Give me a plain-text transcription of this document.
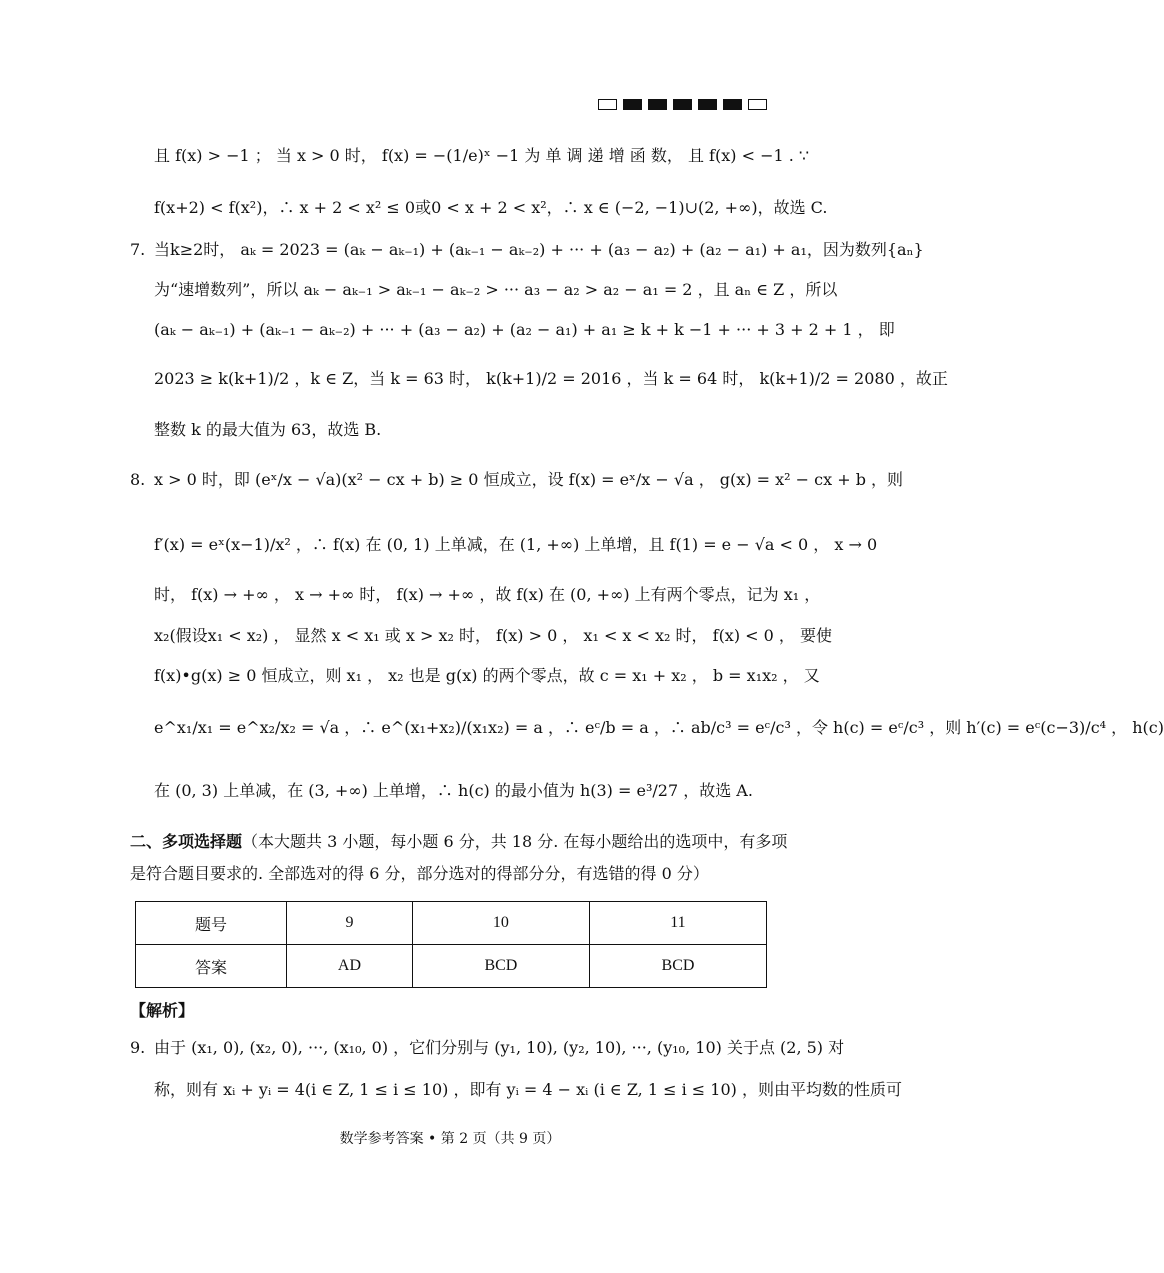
且 f(x) > −1 ； 当 x > 0 时， f(x) = −(1/e)ˣ −1 为 单 调 递 增 函 数， 且 f(x) < −1 . ∵
f(x+2) < f(x²)，∴ x + 2 < x² ≤ 0或0 < x + 2 < x²，∴ x ∈ (−2, −1)∪(2, +∞)，故选 C.
7. 当k≥2时， aₖ = 2023 = (aₖ − aₖ₋₁) + (aₖ₋₁ − aₖ₋₂) + ··· + (a₃ − a₂) + (a₂ − a₁) + a₁，因为数列{aₙ}
为“速增数列”，所以 aₖ − aₖ₋₁ > aₖ₋₁ − aₖ₋₂ > ··· a₃ − a₂ > a₂ − a₁ = 2 ，且 aₙ ∈ Z ，所以
(aₖ − aₖ₋₁) + (aₖ₋₁ − aₖ₋₂) + ··· + (a₃ − a₂) + (a₂ − a₁) + a₁ ≥ k + k −1 + ··· + 3 + 2 + 1 ， 即
2023 ≥ k(k+1)/2 ，k ∈ Z，当 k = 63 时， k(k+1)/2 = 2016 ，当 k = 64 时， k(k+1)/2 = 2080 ，故正
整数 k 的最大值为 63，故选 B.
8. x > 0 时，即 (eˣ/x − √a)(x² − cx + b) ≥ 0 恒成立，设 f(x) = eˣ/x − √a ， g(x) = x² − cx + b ，则
f′(x) = eˣ(x−1)/x² ，∴ f(x) 在 (0, 1) 上单减，在 (1, +∞) 上单增，且 f(1) = e − √a < 0 ， x → 0
时， f(x) → +∞ ， x → +∞ 时， f(x) → +∞ ，故 f(x) 在 (0, +∞) 上有两个零点，记为 x₁ ，
x₂(假设x₁ < x₂) ， 显然 x < x₁ 或 x > x₂ 时， f(x) > 0 ， x₁ < x < x₂ 时， f(x) < 0 ， 要使
f(x)•g(x) ≥ 0 恒成立，则 x₁ ， x₂ 也是 g(x) 的两个零点，故 c = x₁ + x₂ ， b = x₁x₂ ， 又
e^x₁/x₁ = e^x₂/x₂ = √a ，∴ e^(x₁+x₂)/(x₁x₂) = a ，∴ eᶜ/b = a ，∴ ab/c³ = eᶜ/c³ ，令 h(c) = eᶜ/c³ ，则 h′(c) = eᶜ(c−3)/c⁴ ， h(c)
在 (0, 3) 上单减，在 (3, +∞) 上单增，∴ h(c) 的最小值为 h(3) = e³/27 ，故选 A.
二、多项选择题（本大题共 3 小题，每小题 6 分，共 18 分. 在每小题给出的选项中，有多项
是符合题目要求的. 全部选对的得 6 分，部分选对的得部分分，有选错的得 0 分）
题号	9	10	11
答案	AD	BCD	BCD
【解析】
9. 由于 (x₁, 0), (x₂, 0), ···, (x₁₀, 0) ，它们分别与 (y₁, 10), (y₂, 10), ···, (y₁₀, 10) 关于点 (2, 5) 对
称，则有 xᵢ + yᵢ = 4(i ∈ Z, 1 ≤ i ≤ 10) ，即有 yᵢ = 4 − xᵢ (i ∈ Z, 1 ≤ i ≤ 10) ，则由平均数的性质可
数学参考答案 • 第 2 页（共 9 页）
